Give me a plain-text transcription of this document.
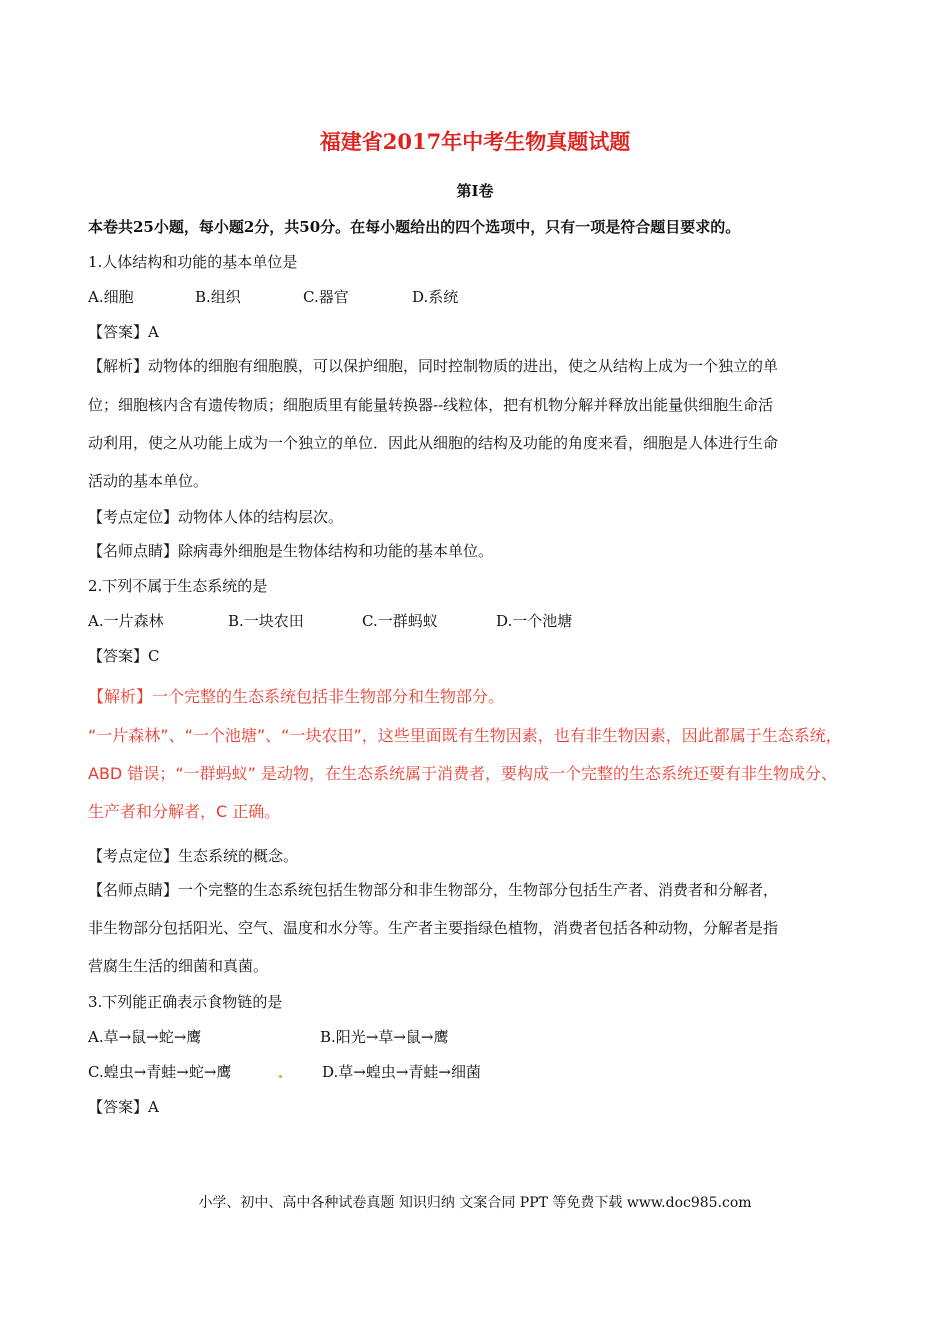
福建省2017年中考生物真题试题
第Ⅰ卷
本卷共25小题，每小题2分，共50分。在每小题给出的四个选项中，只有一项是符合题目要求的。
1.人体结构和功能的基本单位是
A.细胞	B.组织	C.器官	D.系统
【答案】A
【解析】动物体的细胞有细胞膜，可以保护细胞，同时控制物质的进出，使之从结构上成为一个独立的单
位；细胞核内含有遗传物质；细胞质里有能量转换器--线粒体，把有机物分解并释放出能量供细胞生命活
动利用，使之从功能上成为一个独立的单位．因此从细胞的结构及功能的角度来看，细胞是人体进行生命
活动的基本单位。
【考点定位】动物体人体的结构层次。
【名师点睛】除病毒外细胞是生物体结构和功能的基本单位。
2.下列不属于生态系统的是
A.一片森林	B.一块农田	C.一群蚂蚁	D.一个池塘
【答案】C
【解析】一个完整的生态系统包括非生物部分和生物部分。
“一片森林”、“一个池塘”、“一块农田”，这些里面既有生物因素，也有非生物因素，因此都属于生态系统，
ABD 错误；“一群蚂蚁” 是动物，在生态系统属于消费者，要构成一个完整的生态系统还要有非生物成分、
生产者和分解者，C 正确。
【考点定位】生态系统的概念。
【名师点睛】一个完整的生态系统包括生物部分和非生物部分，生物部分包括生产者、消费者和分解者，
非生物部分包括阳光、空气、温度和水分等。生产者主要指绿色植物，消费者包括各种动物，分解者是指
营腐生生活的细菌和真菌。
3.下列能正确表示食物链的是
A.草→鼠→蛇→鹰	B.阳光→草→鼠→鹰
C.蝗虫→青蛙→蛇→鹰	D.草→蝗虫→青蛙→细菌
【答案】A
小学、初中、高中各种试卷真题 知识归纳 文案合同 PPT 等免费下载 www.doc985.com
